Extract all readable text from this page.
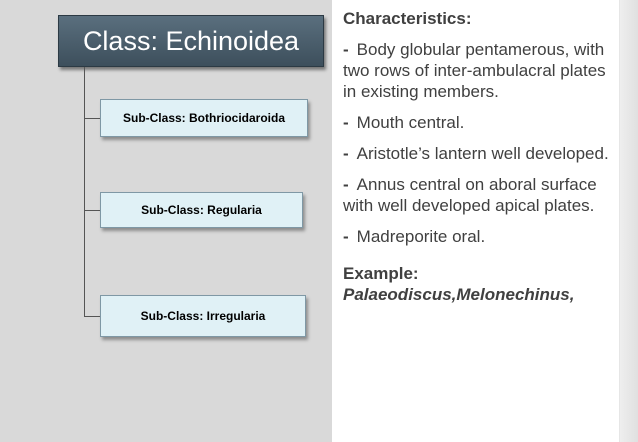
Class: Echinoidea
Sub-Class: Bothriocidaroida
Sub-Class: Regularia
Sub-Class: Irregularia
Characteristics:
- Body globular pentamerous, with two rows of inter-ambulacral plates in existing members.
- Mouth central.
- Aristotle’s lantern well developed.
- Annus central on aboral surface with well developed apical plates.
- Madreporite oral.
Example:
Palaeodiscus,Melonechinus,
